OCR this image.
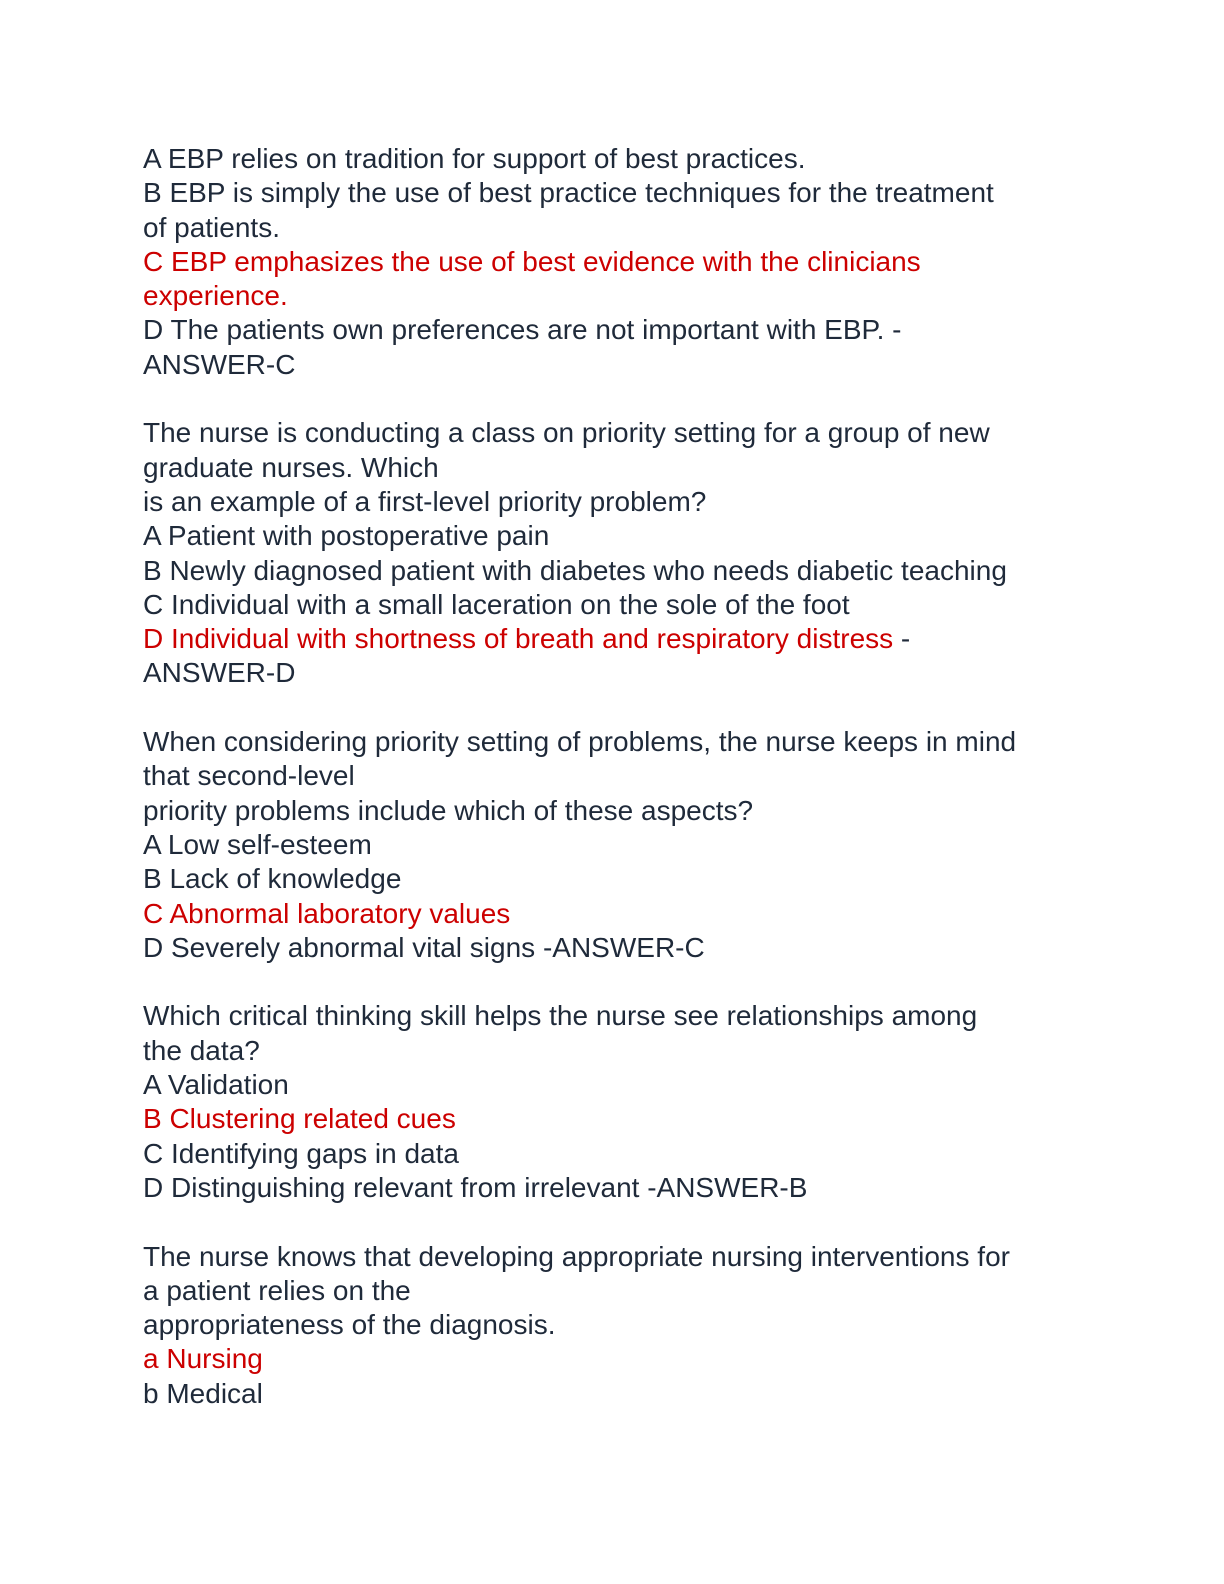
A EBP relies on tradition for support of best practices.
B EBP is simply the use of best practice techniques for the treatment
of patients.
C EBP emphasizes the use of best evidence with the clinicians
experience.
D The patients own preferences are not important with EBP. -
ANSWER-C
The nurse is conducting a class on priority setting for a group of new
graduate nurses. Which
is an example of a first-level priority problem?
A Patient with postoperative pain
B Newly diagnosed patient with diabetes who needs diabetic teaching
C Individual with a small laceration on the sole of the foot
D Individual with shortness of breath and respiratory distress -
ANSWER-D
When considering priority setting of problems, the nurse keeps in mind
that second-level
priority problems include which of these aspects?
A Low self-esteem
B Lack of knowledge
C Abnormal laboratory values
D Severely abnormal vital signs -ANSWER-C
Which critical thinking skill helps the nurse see relationships among
the data?
A Validation
B Clustering related cues
C Identifying gaps in data
D Distinguishing relevant from irrelevant -ANSWER-B
The nurse knows that developing appropriate nursing interventions for
a patient relies on the
appropriateness of the diagnosis.
a Nursing
b Medical
